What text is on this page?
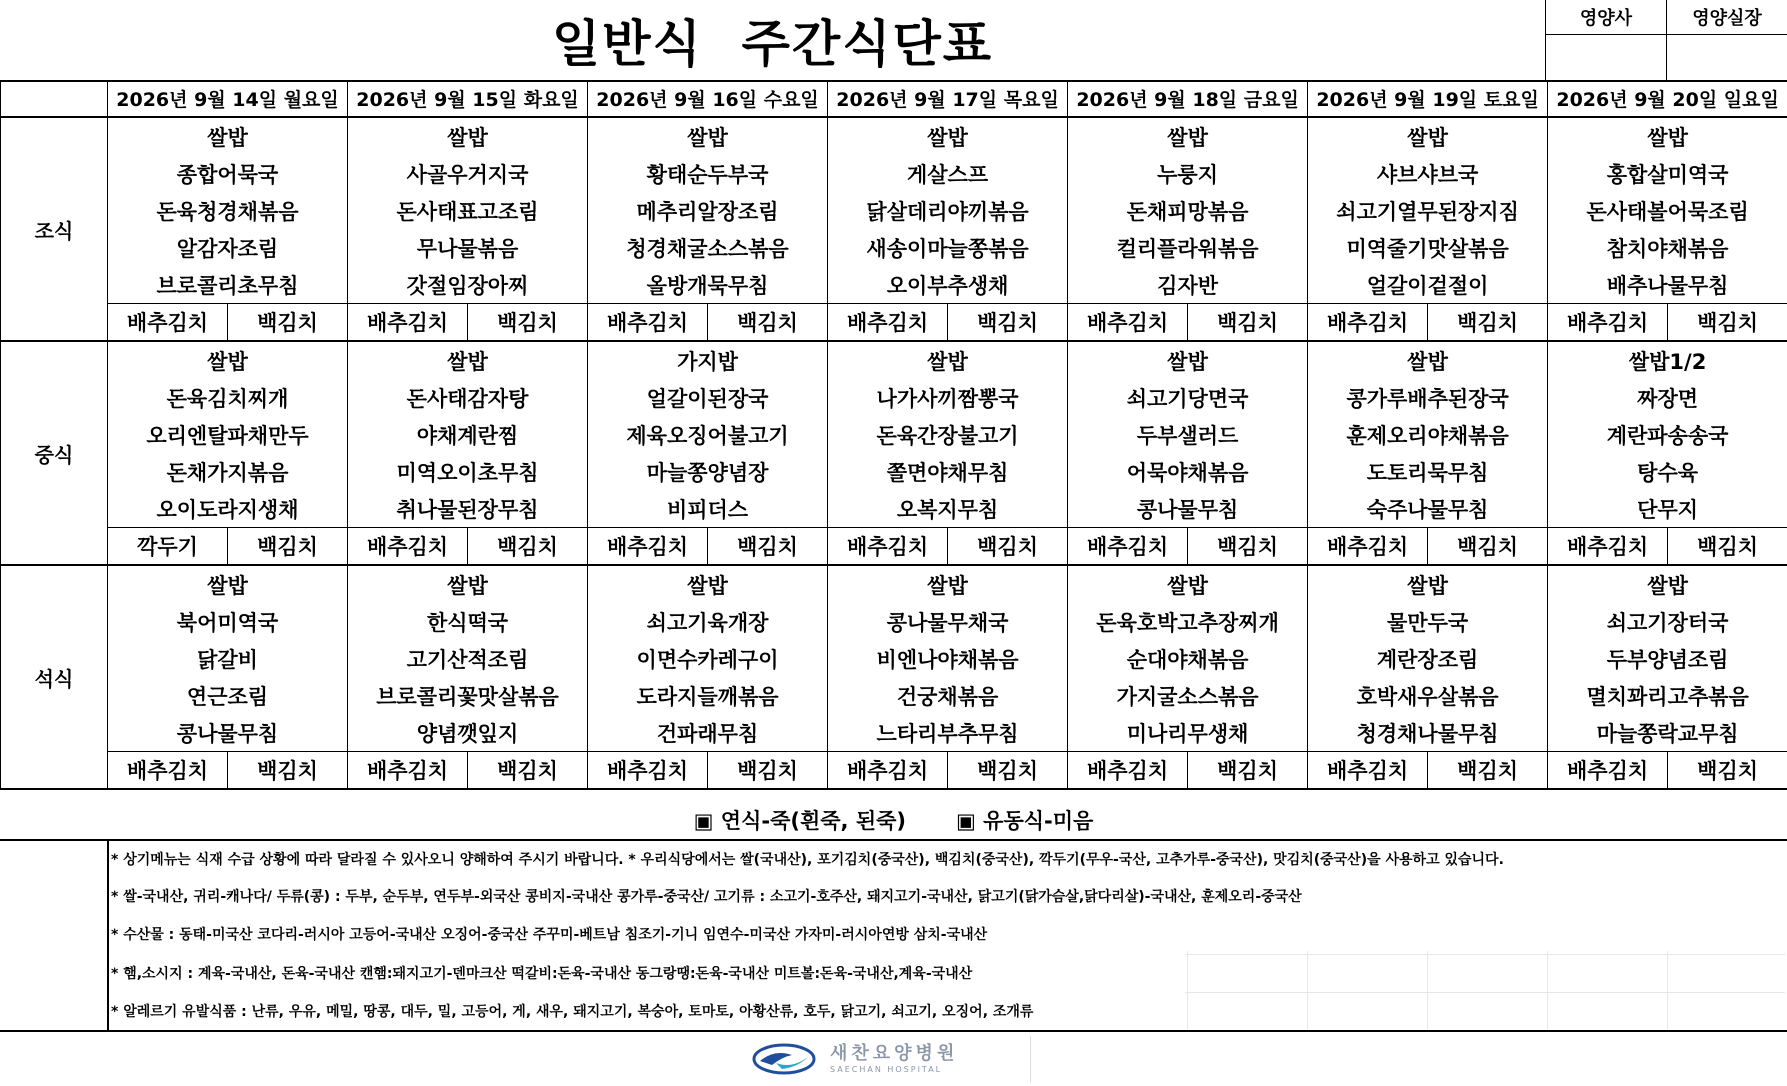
일반식  주간식단표	영양사	영양실장
	2026년 9월 14일 월요일		2026년 9월 15일 화요일		2026년 9월 16일 수요일		2026년 9월 17일 목요일		2026년 9월 18일 금요일		2026년 9월 19일 토요일		2026년 9월 20일 일요일	
조식	쌀밥		쌀밥		쌀밥		쌀밥		쌀밥		쌀밥		쌀밥	
	종합어묵국		사골우거지국		황태순두부국		게살스프		누룽지		샤브샤브국		홍합살미역국	
	돈육청경채볶음		돈사태표고조림		메추리알장조림		닭살데리야끼볶음		돈채피망볶음		쇠고기열무된장지짐		돈사태볼어묵조림	
	알감자조림		무나물볶음		청경채굴소스볶음		새송이마늘쫑볶음		컬리플라워볶음		미역줄기맛살볶음		참치야채볶음	
	브로콜리초무침		갓절임장아찌		올방개묵무침		오이부추생채		김자반		얼갈이겉절이		배추나물무침	
	배추김치	백김치	배추김치	백김치	배추김치	백김치	배추김치	백김치	배추김치	백김치	배추김치	백김치	배추김치	백김치
중식	쌀밥		쌀밥		가지밥		쌀밥		쌀밥		쌀밥		쌀밥1/2	
	돈육김치찌개		돈사태감자탕		얼갈이된장국		나가사끼짬뽕국		쇠고기당면국		콩가루배추된장국		짜장면	
	오리엔탈파채만두		야채계란찜		제육오징어불고기		돈육간장불고기		두부샐러드		훈제오리야채볶음		계란파송송국	
	돈채가지볶음		미역오이초무침		마늘쫑양념장		쫄면야채무침		어묵야채볶음		도토리묵무침		탕수육	
	오이도라지생채		취나물된장무침		비피더스		오복지무침		콩나물무침		숙주나물무침		단무지	
	깍두기	백김치	배추김치	백김치	배추김치	백김치	배추김치	백김치	배추김치	백김치	배추김치	백김치	배추김치	백김치
석식	쌀밥		쌀밥		쌀밥		쌀밥		쌀밥		쌀밥		쌀밥	
	북어미역국		한식떡국		쇠고기육개장		콩나물무채국		돈육호박고추장찌개		물만두국		쇠고기장터국	
	닭갈비		고기산적조림		이면수카레구이		비엔나야채볶음		순대야채볶음		계란장조림		두부양념조림	
	연근조림		브로콜리꽃맛살볶음		도라지들깨볶음		건궁채볶음		가지굴소스볶음		호박새우살볶음		멸치꽈리고추볶음	
	콩나물무침		양념깻잎지		건파래무침		느타리부추무침		미나리무생채		청경채나물무침		마늘쫑락교무침	
	배추김치	백김치	배추김치	백김치	배추김치	백김치	배추김치	백김치	배추김치	백김치	배추김치	백김치	배추김치	백김치
▣ 연식-죽(흰죽, 된죽) ▣ 유동식-미음
* 상기메뉴는 식재 수급 상황에 따라 달라질 수 있사오니 양해하여 주시기 바랍니다. * 우리식당에서는 쌀(국내산), 포기김치(중국산), 백김치(중국산), 깍두기(무우-국산, 고추가루-중국산), 맛김치(중국산)을 사용하고 있습니다.
* 쌀-국내산, 귀리-캐나다/ 두류(콩) : 두부, 순두부, 연두부-외국산 콩비지-국내산 콩가루-중국산/ 고기류 : 소고기-호주산, 돼지고기-국내산, 닭고기(닭가슴살,닭다리살)-국내산, 훈제오리-중국산
* 수산물 : 동태-미국산 코다리-러시아 고등어-국내산 오징어-중국산 주꾸미-베트남 침조기-기니 임연수-미국산 가자미-러시아연방 삼치-국내산
* 햄,소시지 : 계육-국내산, 돈육-국내산 캔햄:돼지고기-덴마크산 떡갈비:돈육-국내산 동그랑땡:돈육-국내산 미트볼:돈육-국내산,계육-국내산
* 알레르기 유발식품 : 난류, 우유, 메밀, 땅콩, 대두, 밀, 고등어, 게, 새우, 돼지고기, 복숭아, 토마토, 아황산류, 호두, 닭고기, 쇠고기, 오징어, 조개류
새찬요양병원
SAECHAN HOSPITAL
